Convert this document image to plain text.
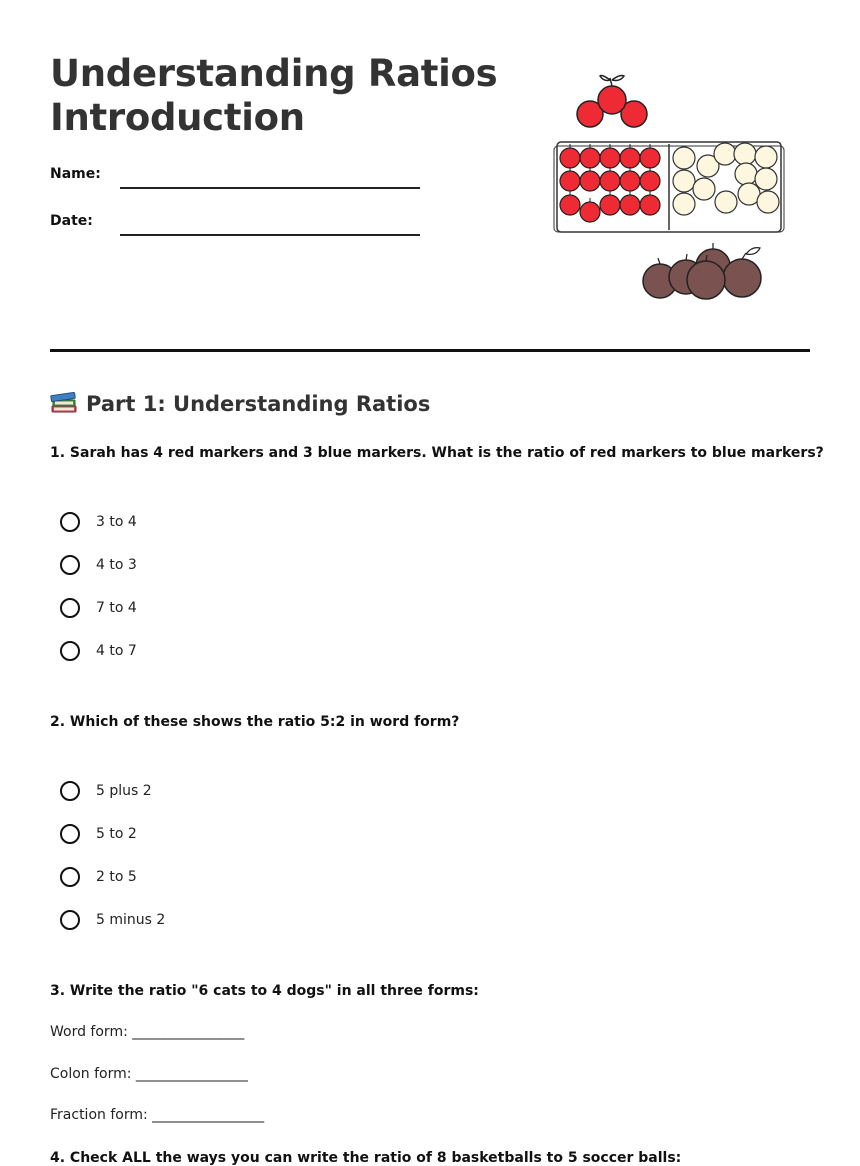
Understanding Ratios
Introduction
Name:
Date:
Part 1: Understanding Ratios
1. Sarah has 4 red markers and 3 blue markers. What is the ratio of red markers to blue markers?
3 to 4
4 to 3
7 to 4
4 to 7
2. Which of these shows the ratio 5:2 in word form?
5 plus 2
5 to 2
2 to 5
5 minus 2
3. Write the ratio "6 cats to 4 dogs" in all three forms:
Word form: ________________
Colon form: ________________
Fraction form: ________________
4. Check ALL the ways you can write the ratio of 8 basketballs to 5 soccer balls:
